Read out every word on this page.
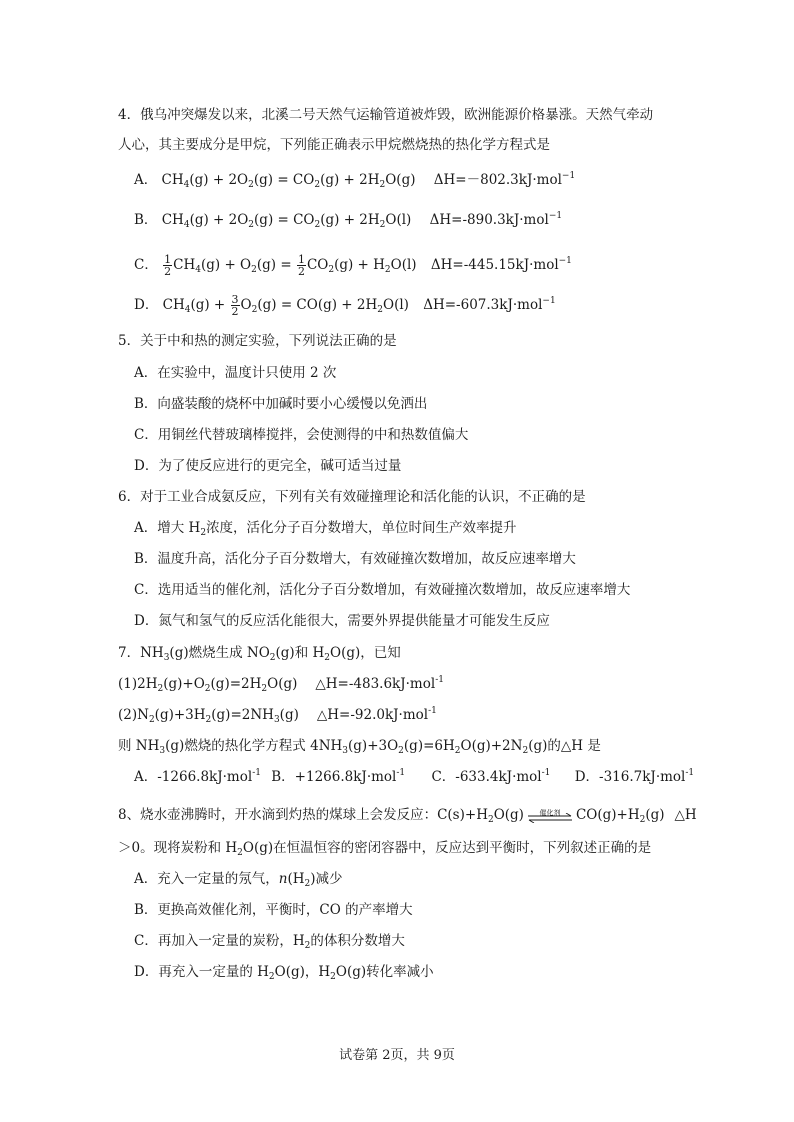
4．俄乌冲突爆发以来，北溪二号天然气运输管道被炸毁，欧洲能源价格暴涨。天然气牵动
人心，其主要成分是甲烷，下列能正确表示甲烷燃烧热的热化学方程式是
A． $CH_4(g) + 2O_2(g) = CO_2(g) + 2H_2O(g)$ ΔH=－802.3kJ·mol$^{-1}$
B． $CH_4(g) + 2O_2(g) = CO_2(g) + 2H_2O(l)$ ΔH=-890.3kJ·mol$^{-1}$
C． $\frac{1}{2} CH_4(g) + O_2(g) = \frac{1}{2} CO_2(g) + H_2O(l)$ ΔH=-445.15kJ·mol$^{-1}$
D． $CH_4(g) + \frac{3}{2} O_2(g) = CO(g) + 2H_2O(l)$ ΔH=-607.3kJ·mol$^{-1}$
5．关于中和热的测定实验，下列说法正确的是
A．在实验中，温度计只使用 2 次
B．向盛装酸的烧杯中加碱时要小心缓慢以免洒出
C．用铜丝代替玻璃棒搅拌，会使测得的中和热数值偏大
D．为了使反应进行的更完全，碱可适当过量
6．对于工业合成氨反应，下列有关有效碰撞理论和活化能的认识，不正确的是
A．增大 $H_2$浓度，活化分子百分数增大，单位时间生产效率提升
B．温度升高，活化分子百分数增大，有效碰撞次数增加，故反应速率增大
C．选用适当的催化剂，活化分子百分数增加，有效碰撞次数增加，故反应速率增大
D．氮气和氢气的反应活化能很大，需要外界提供能量才可能发生反应
7．$NH_3(g)$燃烧生成 $NO_2(g)$和 $H_2O(g)$，已知
$(1)2H_2(g)+O_2(g)=2H_2O(g)$ △H=-483.6kJ·mol$^{-1}$
$(2)N_2(g)+3H_2(g)=2NH_3(g)$ △H=-92.0kJ·mol$^{-1}$
则 $NH_3(g)$燃烧的热化学方程式 $4NH_3(g)+3O_2(g)=6H_2O(g)+2N_2(g)$的△H 是
A．-1266.8kJ·mol$^{-1}$ B．+1266.8kJ·mol$^{-1}$ C．-633.4kJ·mol$^{-1}$ D．-316.7kJ·mol$^{-1}$
8、烧水壶沸腾时，开水滴到灼热的煤球上会发反应：$C(s)+H_2O(g)$	催化剂	$CO(g)+H_2(g)$ △H
＞0。现将炭粉和 $H_2O(g)$在恒温恒容的密闭容器中，反应达到平衡时，下列叙述正确的是
A．充入一定量的氖气，$n(H_2)$减少
B．更换高效催化剂，平衡时，CO 的产率增大
C．再加入一定量的炭粉，$H_2$的体积分数增大
D．再充入一定量的 $H_2O(g)$，$H_2O(g)$转化率减小
试卷第 2页，共 9页
